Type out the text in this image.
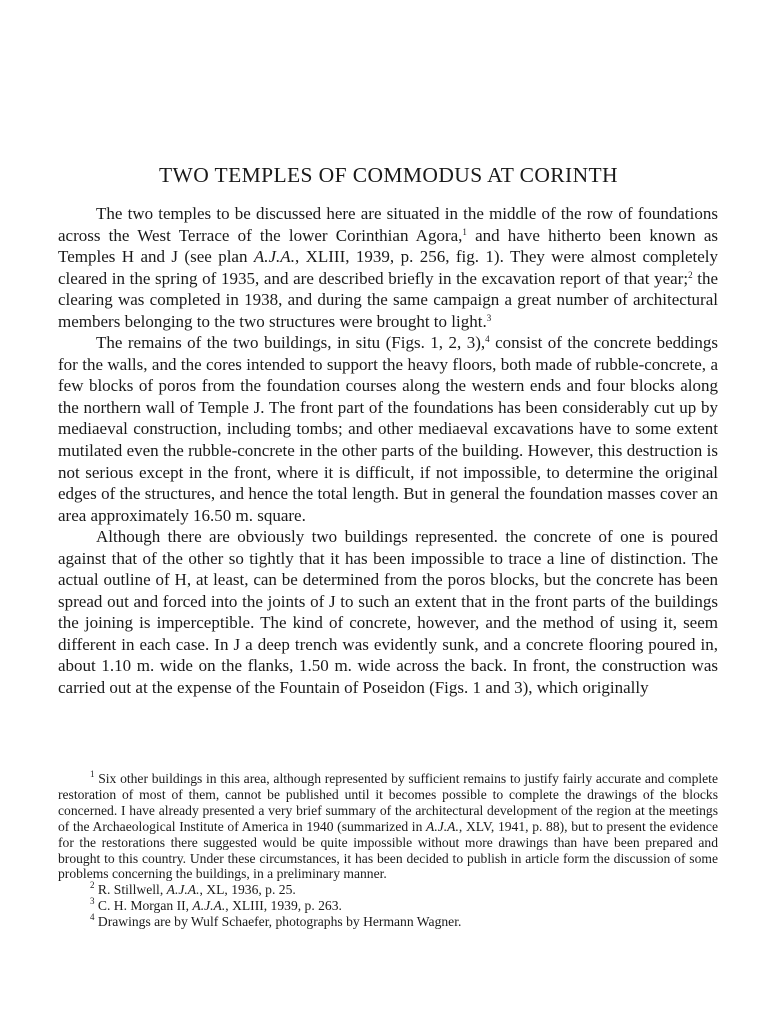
TWO TEMPLES OF COMMODUS AT CORINTH

The two temples to be discussed here are situated in the middle of the row of foundations across the West Terrace of the lower Corinthian Agora,$^1$ and have hitherto been known as Temples H and J (see plan A.J.A., XLIII, 1939, p. 256, fig. 1). They were almost completely cleared in the spring of 1935, and are described briefly in the excavation report of that year;$^2$ the clearing was completed in 1938, and during the same campaign a great number of architectural members belonging to the two structures were brought to light.$^3$

The remains of the two buildings, in situ (Figs. 1, 2, 3),$^4$ consist of the concrete beddings for the walls, and the cores intended to support the heavy floors, both made of rubble-concrete, a few blocks of poros from the foundation courses along the western ends and four blocks along the northern wall of Temple J. The front part of the foundations has been considerably cut up by mediaeval construction, including tombs; and other mediaeval excavations have to some extent mutilated even the rubble-concrete in the other parts of the building. However, this destruction is not serious except in the front, where it is difficult, if not impossible, to determine the original edges of the structures, and hence the total length. But in general the foundation masses cover an area approximately 16.50 m. square.

Although there are obviously two buildings represented. the concrete of one is poured against that of the other so tightly that it has been impossible to trace a line of distinction. The actual outline of H, at least, can be determined from the poros blocks, but the concrete has been spread out and forced into the joints of J to such an extent that in the front parts of the buildings the joining is imperceptible. The kind of concrete, however, and the method of using it, seem different in each case. In J a deep trench was evidently sunk, and a concrete flooring poured in, about 1.10 m. wide on the flanks, 1.50 m. wide across the back. In front, the construction was carried out at the expense of the Fountain of Poseidon (Figs. 1 and 3), which originally

$^1$ Six other buildings in this area, although represented by sufficient remains to justify fairly accurate and complete restoration of most of them, cannot be published until it becomes possible to complete the drawings of the blocks concerned. I have already presented a very brief summary of the architectural development of the region at the meetings of the Archaeological Institute of America in 1940 (summarized in A.J.A., XLV, 1941, p. 88), but to present the evidence for the restorations there suggested would be quite impossible without more drawings than have been prepared and brought to this country. Under these circumstances, it has been decided to publish in article form the discussion of some problems concerning the buildings, in a preliminary manner.

$^2$ R. Stillwell, A.J.A., XL, 1936, p. 25.

$^3$ C. H. Morgan II, A.J.A., XLIII, 1939, p. 263.

$^4$ Drawings are by Wulf Schaefer, photographs by Hermann Wagner.
